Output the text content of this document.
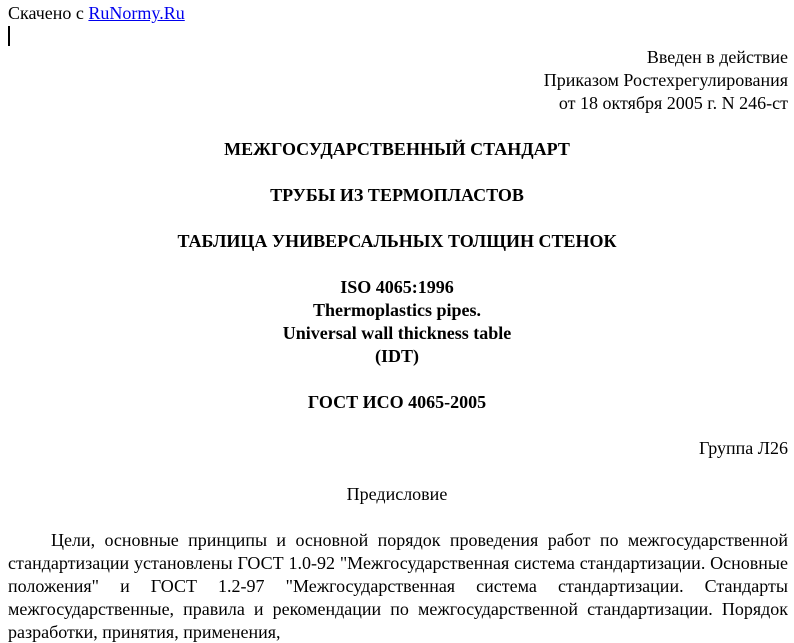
Скачено с RuNormy.Ru
Введен в действие
Приказом Ростехрегулирования
от 18 октября 2005 г. N 246-ст
МЕЖГОСУДАРСТВЕННЫЙ СТАНДАРТ
ТРУБЫ ИЗ ТЕРМОПЛАСТОВ
ТАБЛИЦА УНИВЕРСАЛЬНЫХ ТОЛЩИН СТЕНОК
ISO 4065:1996
Thermoplastics pipes.
Universal wall thickness table
(IDT)
ГОСТ ИСО 4065-2005
Группа Л26
Предисловие
Цели, основные принципы и основной порядок проведения работ по межгосударственной стандартизации установлены ГОСТ 1.0-92 "Межгосударственная система стандартизации. Основные положения" и ГОСТ 1.2-97 "Межгосударственная система стандартизации. Стандарты межгосударственные, правила и рекомендации по межгосударственной стандартизации. Порядок разработки, принятия, применения,
